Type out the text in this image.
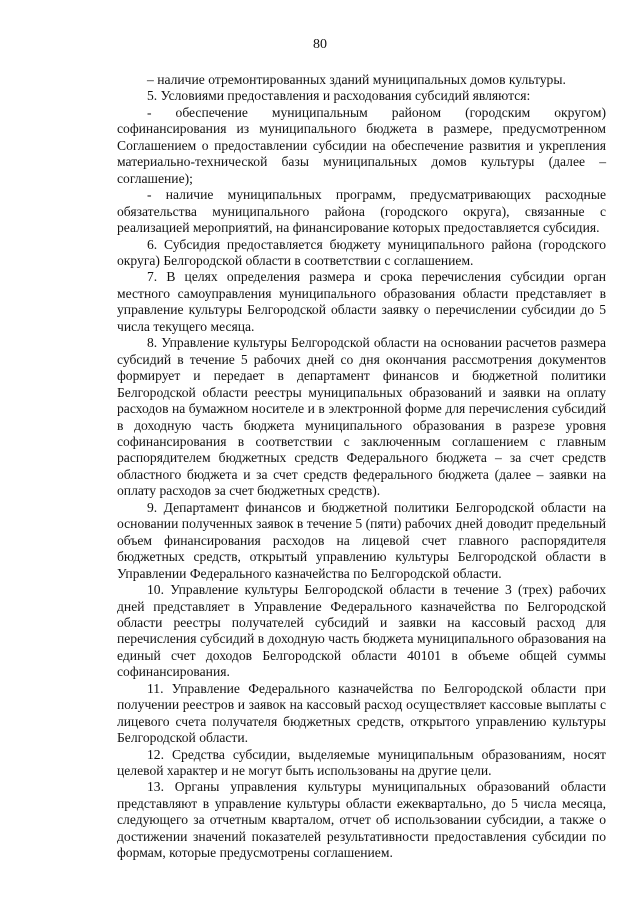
80

– наличие отремонтированных зданий муниципальных домов культуры.

5. Условиями предоставления и расходования субсидий являются:

- обеспечение муниципальным районом (городским округом) софинансирования из муниципального бюджета в размере, предусмотренном Соглашением о предоставлении субсидии на обеспечение развития и укрепления материально-технической базы муниципальных домов культуры (далее – соглашение);

- наличие муниципальных программ, предусматривающих расходные обязательства муниципального района (городского округа), связанные с реализацией мероприятий, на финансирование которых предоставляется субсидия.

6. Субсидия предоставляется бюджету муниципального района (городского округа) Белгородской области в соответствии с соглашением.

7. В целях определения размера и срока перечисления субсидии орган местного самоуправления муниципального образования области представляет в управление культуры Белгородской области заявку о перечислении субсидии до 5 числа текущего месяца.

8. Управление культуры Белгородской области на основании расчетов размера субсидий в течение 5 рабочих дней со дня окончания рассмотрения документов формирует и передает в департамент финансов и бюджетной политики Белгородской области реестры муниципальных образований и заявки на оплату расходов на бумажном носителе и в электронной форме для перечисления субсидий в доходную часть бюджета муниципального образования в разрезе уровня софинансирования в соответствии с заключенным соглашением с главным распорядителем бюджетных средств Федерального бюджета – за счет средств областного бюджета и за счет средств федерального бюджета (далее – заявки на оплату расходов за счет бюджетных средств).

9. Департамент финансов и бюджетной политики Белгородской области на основании полученных заявок в течение 5 (пяти) рабочих дней доводит предельный объем финансирования расходов на лицевой счет главного распорядителя бюджетных средств, открытый управлению культуры Белгородской области в Управлении Федерального казначейства по Белгородской области.

10. Управление культуры Белгородской области в течение 3 (трех) рабочих дней представляет в Управление Федерального казначейства по Белгородской области реестры получателей субсидий и заявки на кассовый расход для перечисления субсидий в доходную часть бюджета муниципального образования на единый счет доходов Белгородской области 40101 в объеме общей суммы софинансирования.

11. Управление Федерального казначейства по Белгородской области при получении реестров и заявок на кассовый расход осуществляет кассовые выплаты с лицевого счета получателя бюджетных средств, открытого управлению культуры Белгородской области.

12. Средства субсидии, выделяемые муниципальным образованиям, носят целевой характер и не могут быть использованы на другие цели.

13. Органы управления культуры муниципальных образований области представляют в управление культуры области ежеквартально, до 5 числа месяца, следующего за отчетным кварталом, отчет об использовании субсидии, а также о достижении значений показателей результативности предоставления субсидии по формам, которые предусмотрены соглашением.
